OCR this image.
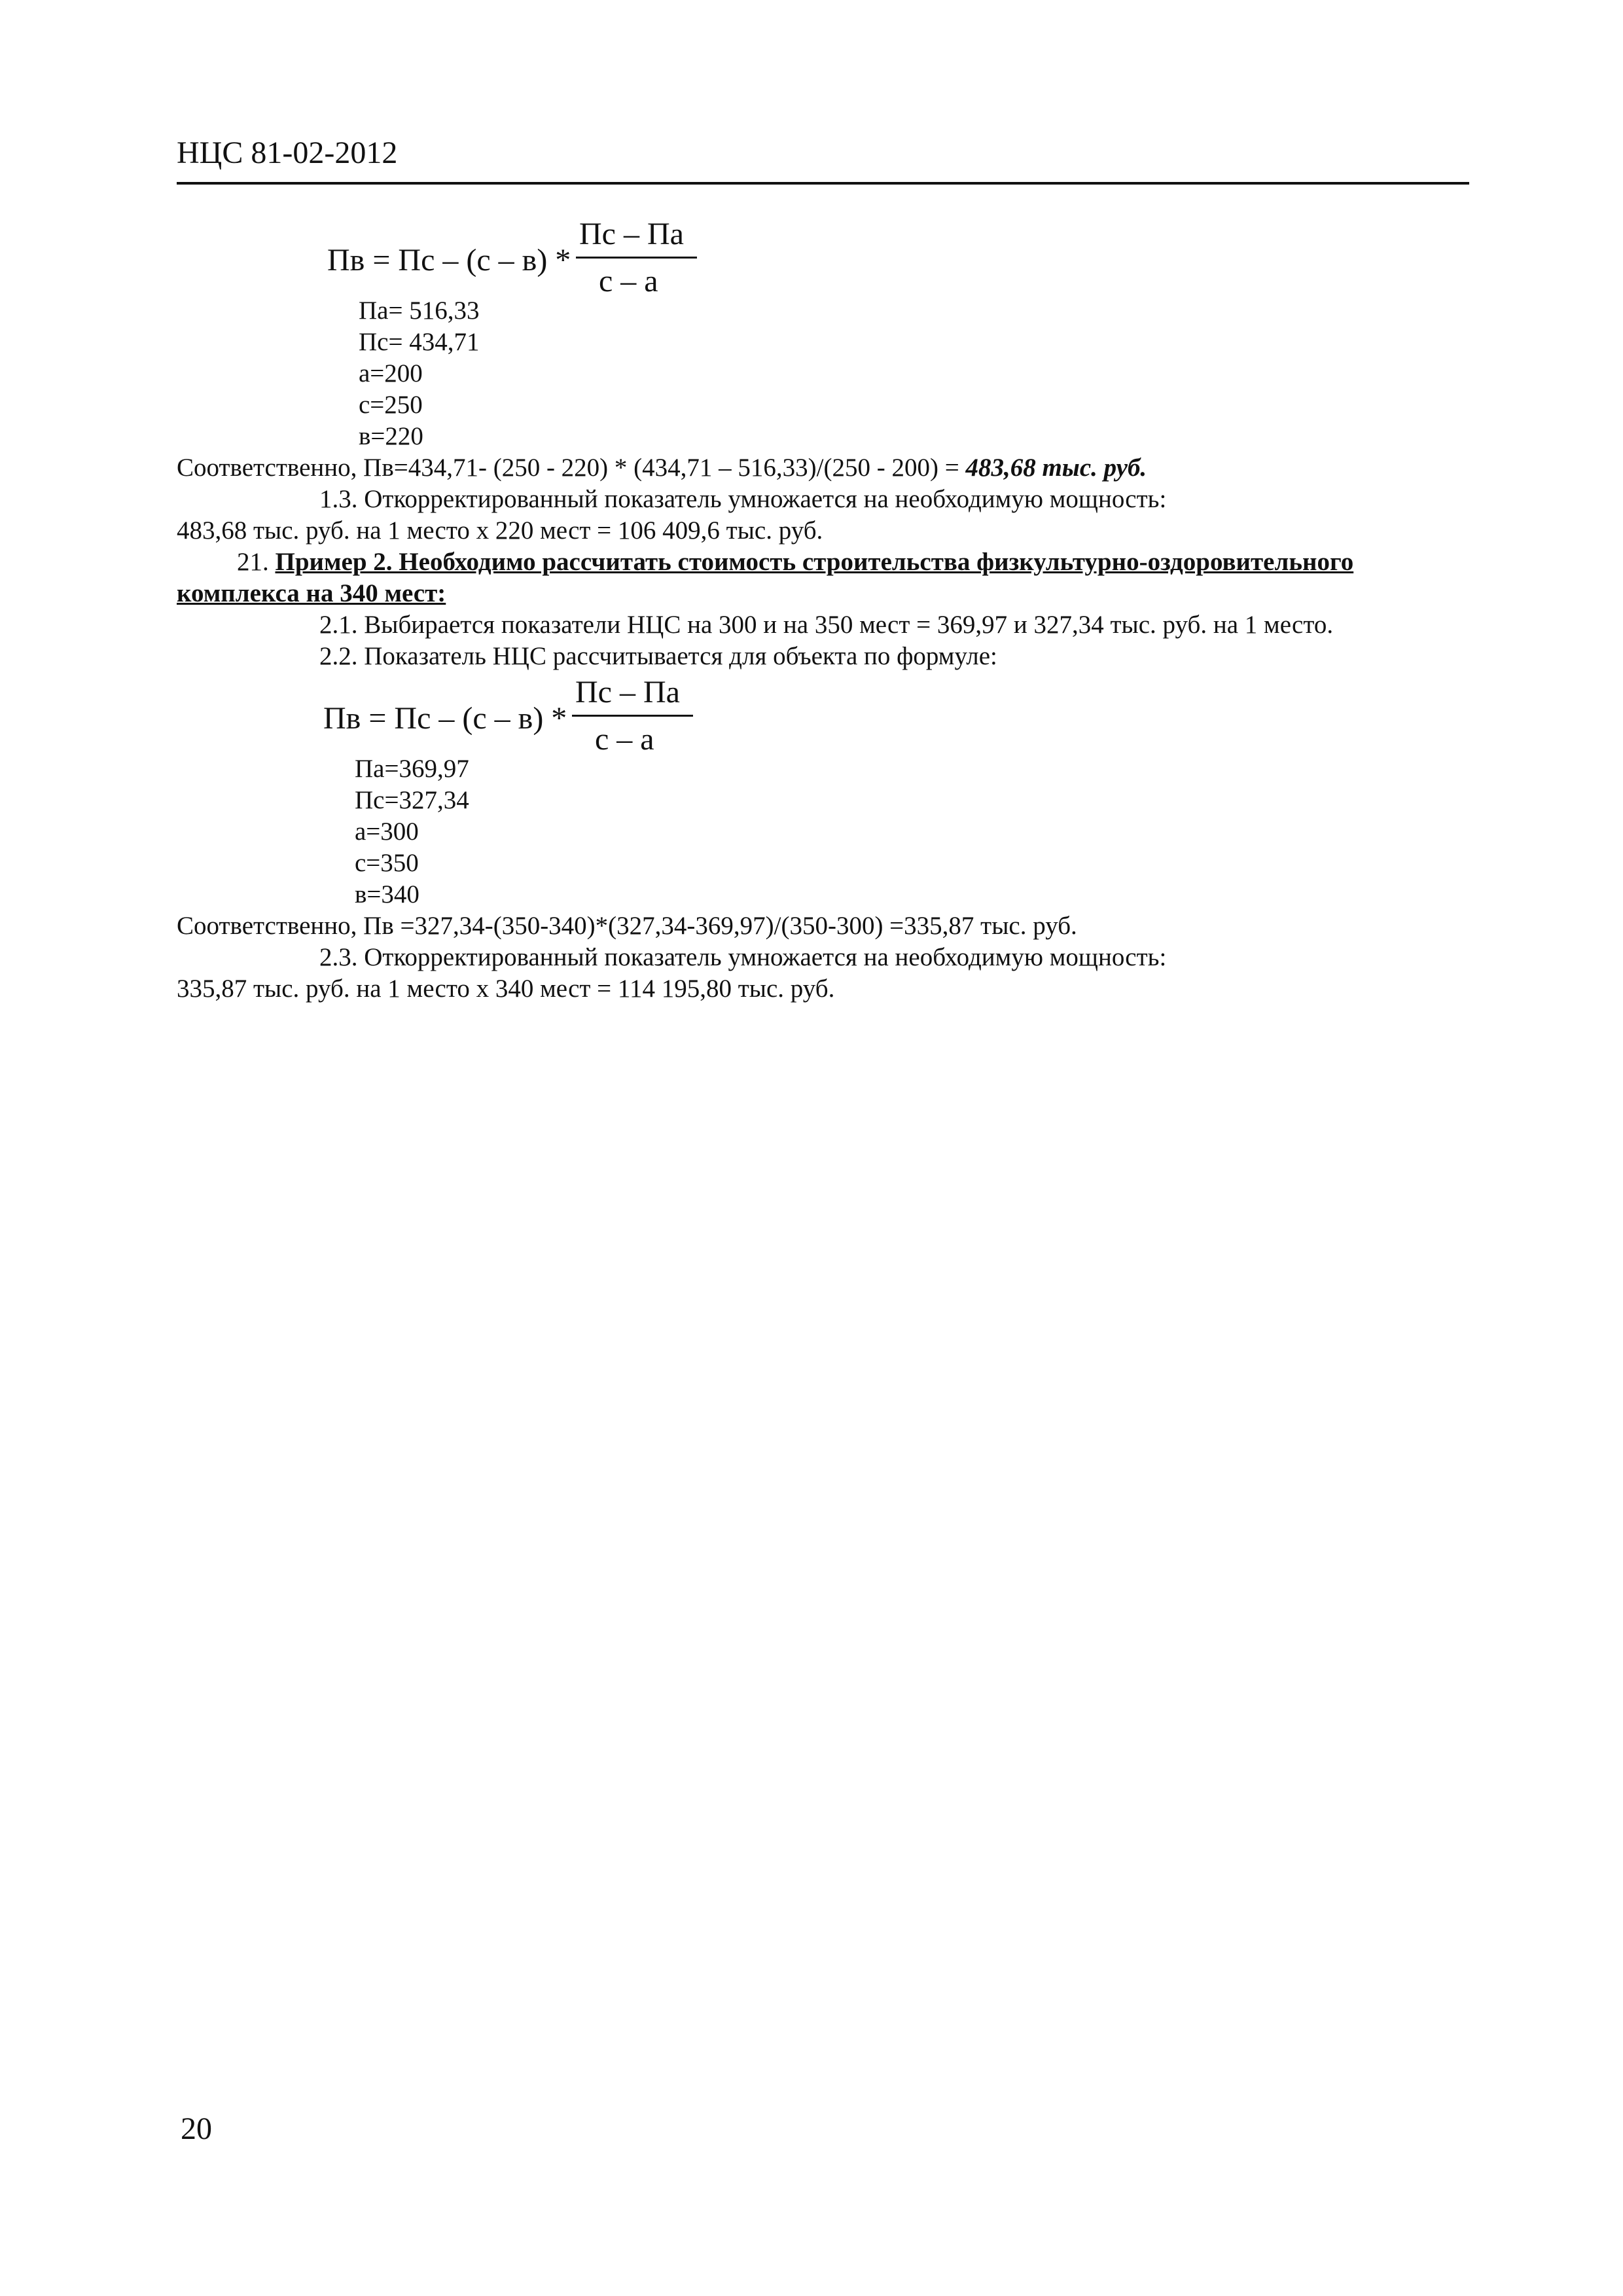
НЦС 81-02-2012
Пв = Пс – (с – в) *
Пс – Па
с – а
Па= 516,33
Пс= 434,71
а=200
с=250
в=220
Соответственно, Пв=434,71- (250 - 220) * (434,71 – 516,33)/(250 - 200) = 483,68 тыс. руб.
1.3. Откорректированный показатель умножается на необходимую мощность:
483,68 тыс. руб. на 1 место х 220 мест = 106 409,6 тыс. руб.
21. Пример 2. Необходимо рассчитать стоимость строительства физкультурно-оздоровительного
комплекса на 340 мест:
2.1. Выбирается показатели НЦС на 300 и на 350 мест = 369,97 и 327,34 тыс. руб. на 1 место.
2.2. Показатель НЦС рассчитывается для объекта по формуле:
Пв = Пс – (с – в) *
Пс – Па
с – а
Па=369,97
Пс=327,34
а=300
с=350
в=340
Соответственно, Пв =327,34-(350-340)*(327,34-369,97)/(350-300) =335,87 тыс. руб.
2.3. Откорректированный показатель умножается на необходимую мощность:
335,87 тыс. руб. на 1 место х 340 мест = 114 195,80 тыс. руб.
20
